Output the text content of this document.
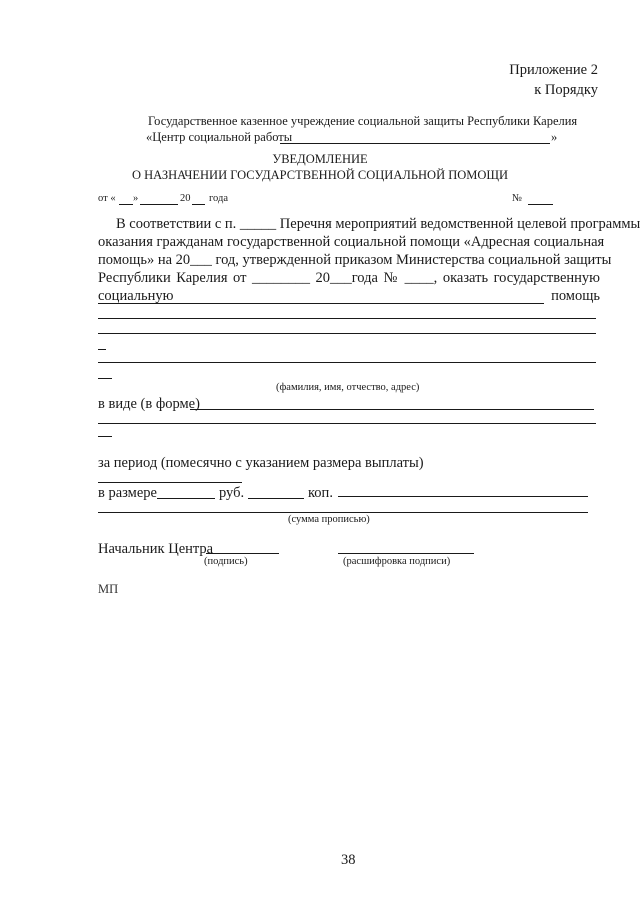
Приложение 2
к Порядку
Государственное казенное учреждение социальной защиты Республики Карелия
«Центр социальной работы	»
УВЕДОМЛЕНИЕ
О НАЗНАЧЕНИИ ГОСУДАРСТВЕННОЙ СОЦИАЛЬНОЙ ПОМОЩИ
от « »	20 года	№
В соответствии с п. _____ Перечня мероприятий ведомственной целевой программы
оказания гражданам государственной социальной помощи «Адресная социальная
помощь» на 20___ год, утвержденной приказом Министерства социальной защиты
Республики Карелия от ________ 20___года № ____, оказать государственную
социальную	помощь
(фамилия, имя, отчество, адрес)
в виде (в форме)
за период (помесячно с указанием размера выплаты)
в размере	руб.	коп.
(сумма прописью)
Начальник Центра
(подпись)	(расшифровка подписи)
МП
38
